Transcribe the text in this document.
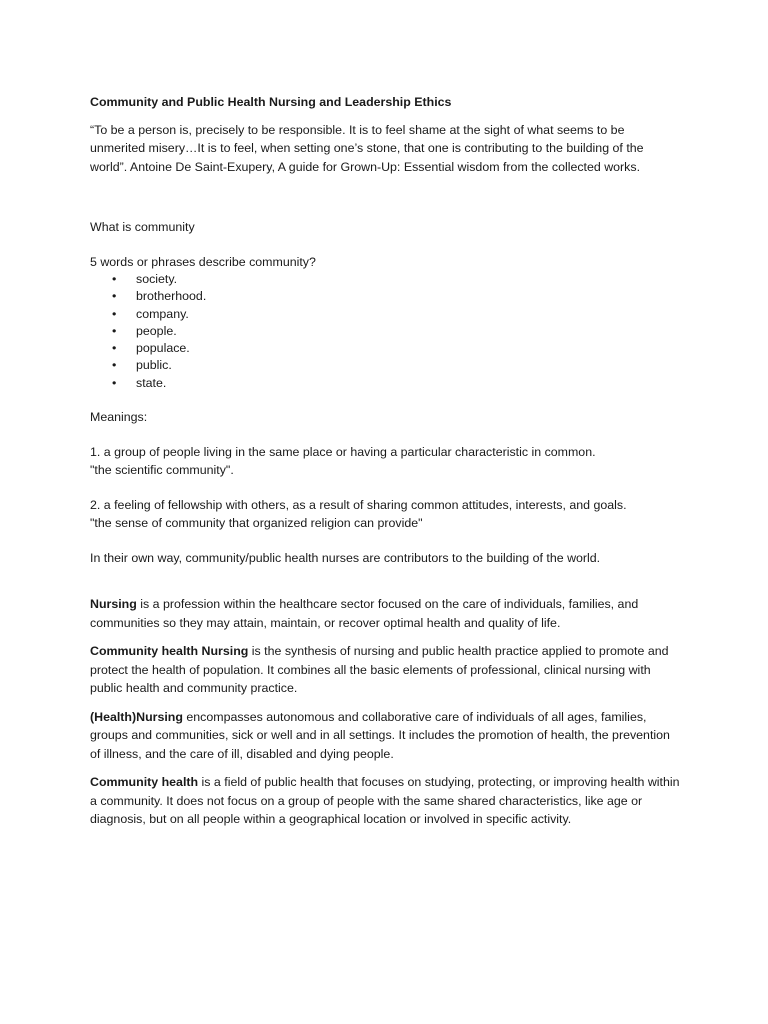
Community and Public Health Nursing and Leadership Ethics

“To be a person is, precisely to be responsible. It is to feel shame at the sight of what seems to be unmerited misery…It is to feel, when setting one’s stone, that one is contributing to the building of the world”. Antoine De Saint-Exupery, A guide for Grown-Up: Essential wisdom from the collected works.

What is community

5 words or phrases describe community?

• society.
• brotherhood.
• company.
• people.
• populace.
• public.
• state.

Meanings:

1. a group of people living in the same place or having a particular characteristic in common.

"the scientific community".

2. a feeling of fellowship with others, as a result of sharing common attitudes, interests, and goals.

"the sense of community that organized religion can provide"

In their own way, community/public health nurses are contributors to the building of the world.

Nursing is a profession within the healthcare sector focused on the care of individuals, families, and communities so they may attain, maintain, or recover optimal health and quality of life.

Community health Nursing is the synthesis of nursing and public health practice applied to promote and protect the health of population. It combines all the basic elements of professional, clinical nursing with public health and community practice.

(Health)Nursing encompasses autonomous and collaborative care of individuals of all ages, families, groups and communities, sick or well and in all settings. It includes the promotion of health, the prevention of illness, and the care of ill, disabled and dying people.

Community health is a field of public health that focuses on studying, protecting, or improving health within a community. It does not focus on a group of people with the same shared characteristics, like age or diagnosis, but on all people within a geographical location or involved in specific activity.
